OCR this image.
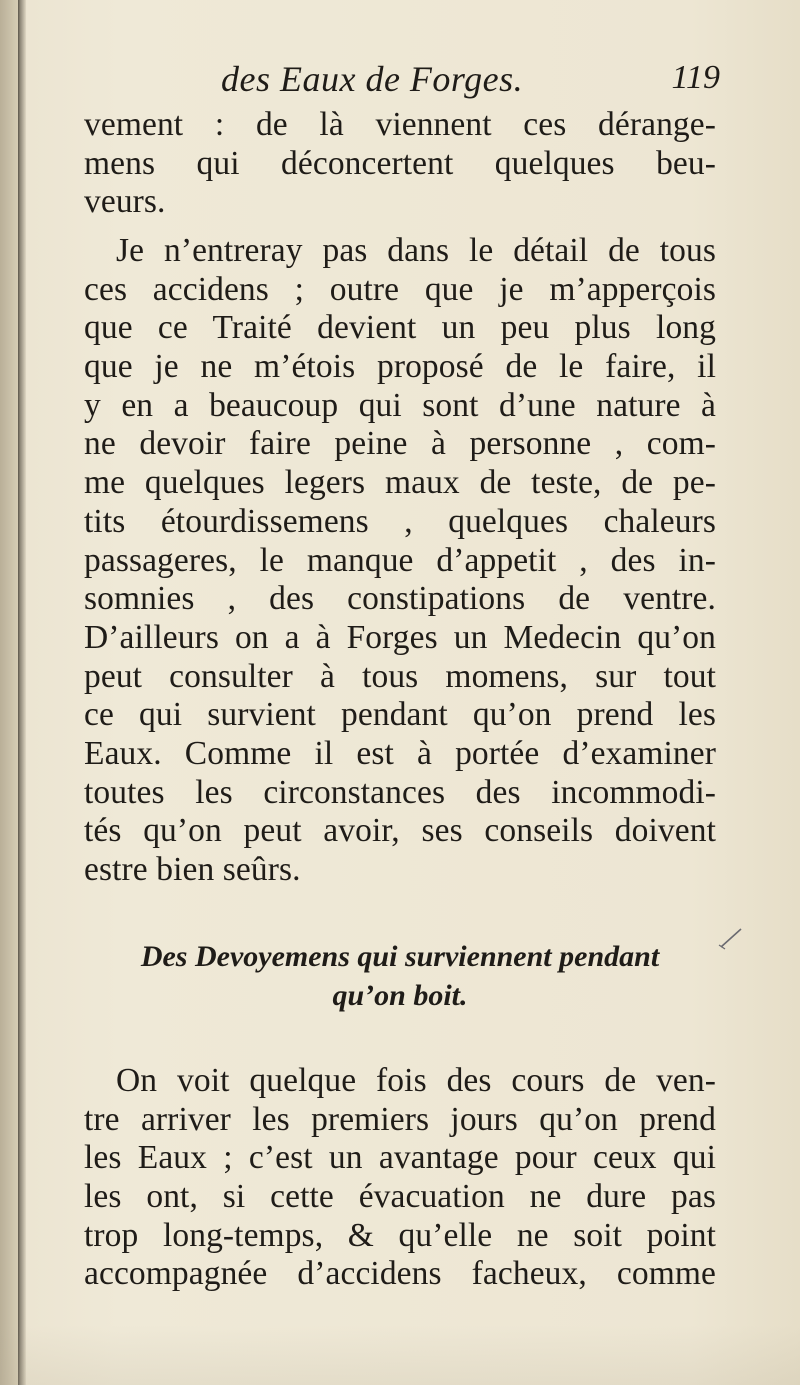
des Eaux de Forges.	119
vement : de là viennent ces dérange-
mens qui déconcertent quelques beu-
veurs.
Je n’entreray pas dans le détail de tous
ces accidens ; outre que je m’apperçois
que ce Traité devient un peu plus long
que je ne m’étois proposé de le faire, il
y en a beaucoup qui sont d’une nature à
ne devoir faire peine à personne , com-
me quelques legers maux de teste, de pe-
tits étourdissemens , quelques chaleurs
passageres, le manque d’appetit , des in-
somnies , des constipations de ventre.
D’ailleurs on a à Forges un Medecin qu’on
peut consulter à tous momens, sur tout
ce qui survient pendant qu’on prend les
Eaux. Comme il est à portée d’examiner
toutes les circonstances des incommodi-
tés qu’on peut avoir, ses conseils doivent
estre bien seûrs.
Des Devoyemens qui surviennent pendant
qu’on boit.
On voit quelque fois des cours de ven-
tre arriver les premiers jours qu’on prend
les Eaux ; c’est un avantage pour ceux qui
les ont, si cette évacuation ne dure pas
trop long-temps, & qu’elle ne soit point
accompagnée d’accidens facheux, comme
